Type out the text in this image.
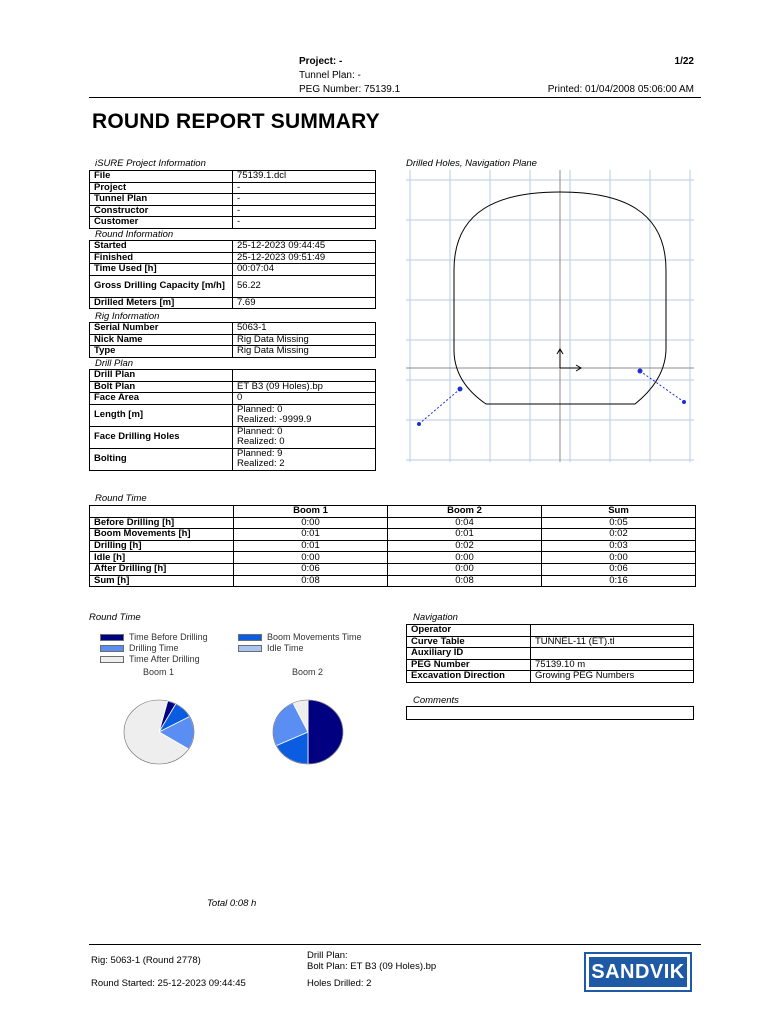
Project: -
Tunnel Plan: -
PEG Number: 75139.1
1/22
Printed: 01/04/2008 05:06:00 AM
ROUND REPORT SUMMARY
iSURE Project Information
File	75139.1.dcl
Project	-
Tunnel Plan	-
Constructor	-
Customer	-
Round Information
Started	25-12-2023 09:44:45
Finished	25-12-2023 09:51:49
Time Used [h]	00:07:04
Gross Drilling Capacity [m/h]	56.22
Drilled Meters [m]	7.69
Rig Information
Serial Number	5063-1
Nick Name	Rig Data Missing
Type	Rig Data Missing
Drill Plan
Drill Plan	
Bolt Plan	ET B3 (09 Holes).bp
Face Area	0
Length [m]	Planned: 0
Realized: -9999.9

Face Drilling Holes	Planned: 0
Realized: 0

Bolting	Planned: 9
Realized: 2
Drilled Holes, Navigation Plane
Round Time
	Boom 1	Boom 2	Sum
Before Drilling [h]	0:00	0:04	0:05
Boom Movements [h]	0:01	0:01	0:02
Drilling [h]	0:01	0:02	0:03
Idle [h]	0:00	0:00	0:00
After Drilling [h]	0:06	0:00	0:06
Sum [h]	0:08	0:08	0:16
Round Time
Time Before Drilling	Boom Movements Time
Drilling Time	Idle Time
Time After Drilling
Boom 1	Boom 2
Total 0:08 h
Navigation
Operator	
Curve Table	TUNNEL-11 (ET).tl
Auxiliary ID	
PEG Number	75139.10 m
Excavation Direction	Growing PEG Numbers
Comments
Rig: 5063-1 (Round 2778)
Round Started: 25-12-2023 09:44:45
Drill Plan:
Bolt Plan: ET B3 (09 Holes).bp
Holes Drilled: 2
SANDVIK
